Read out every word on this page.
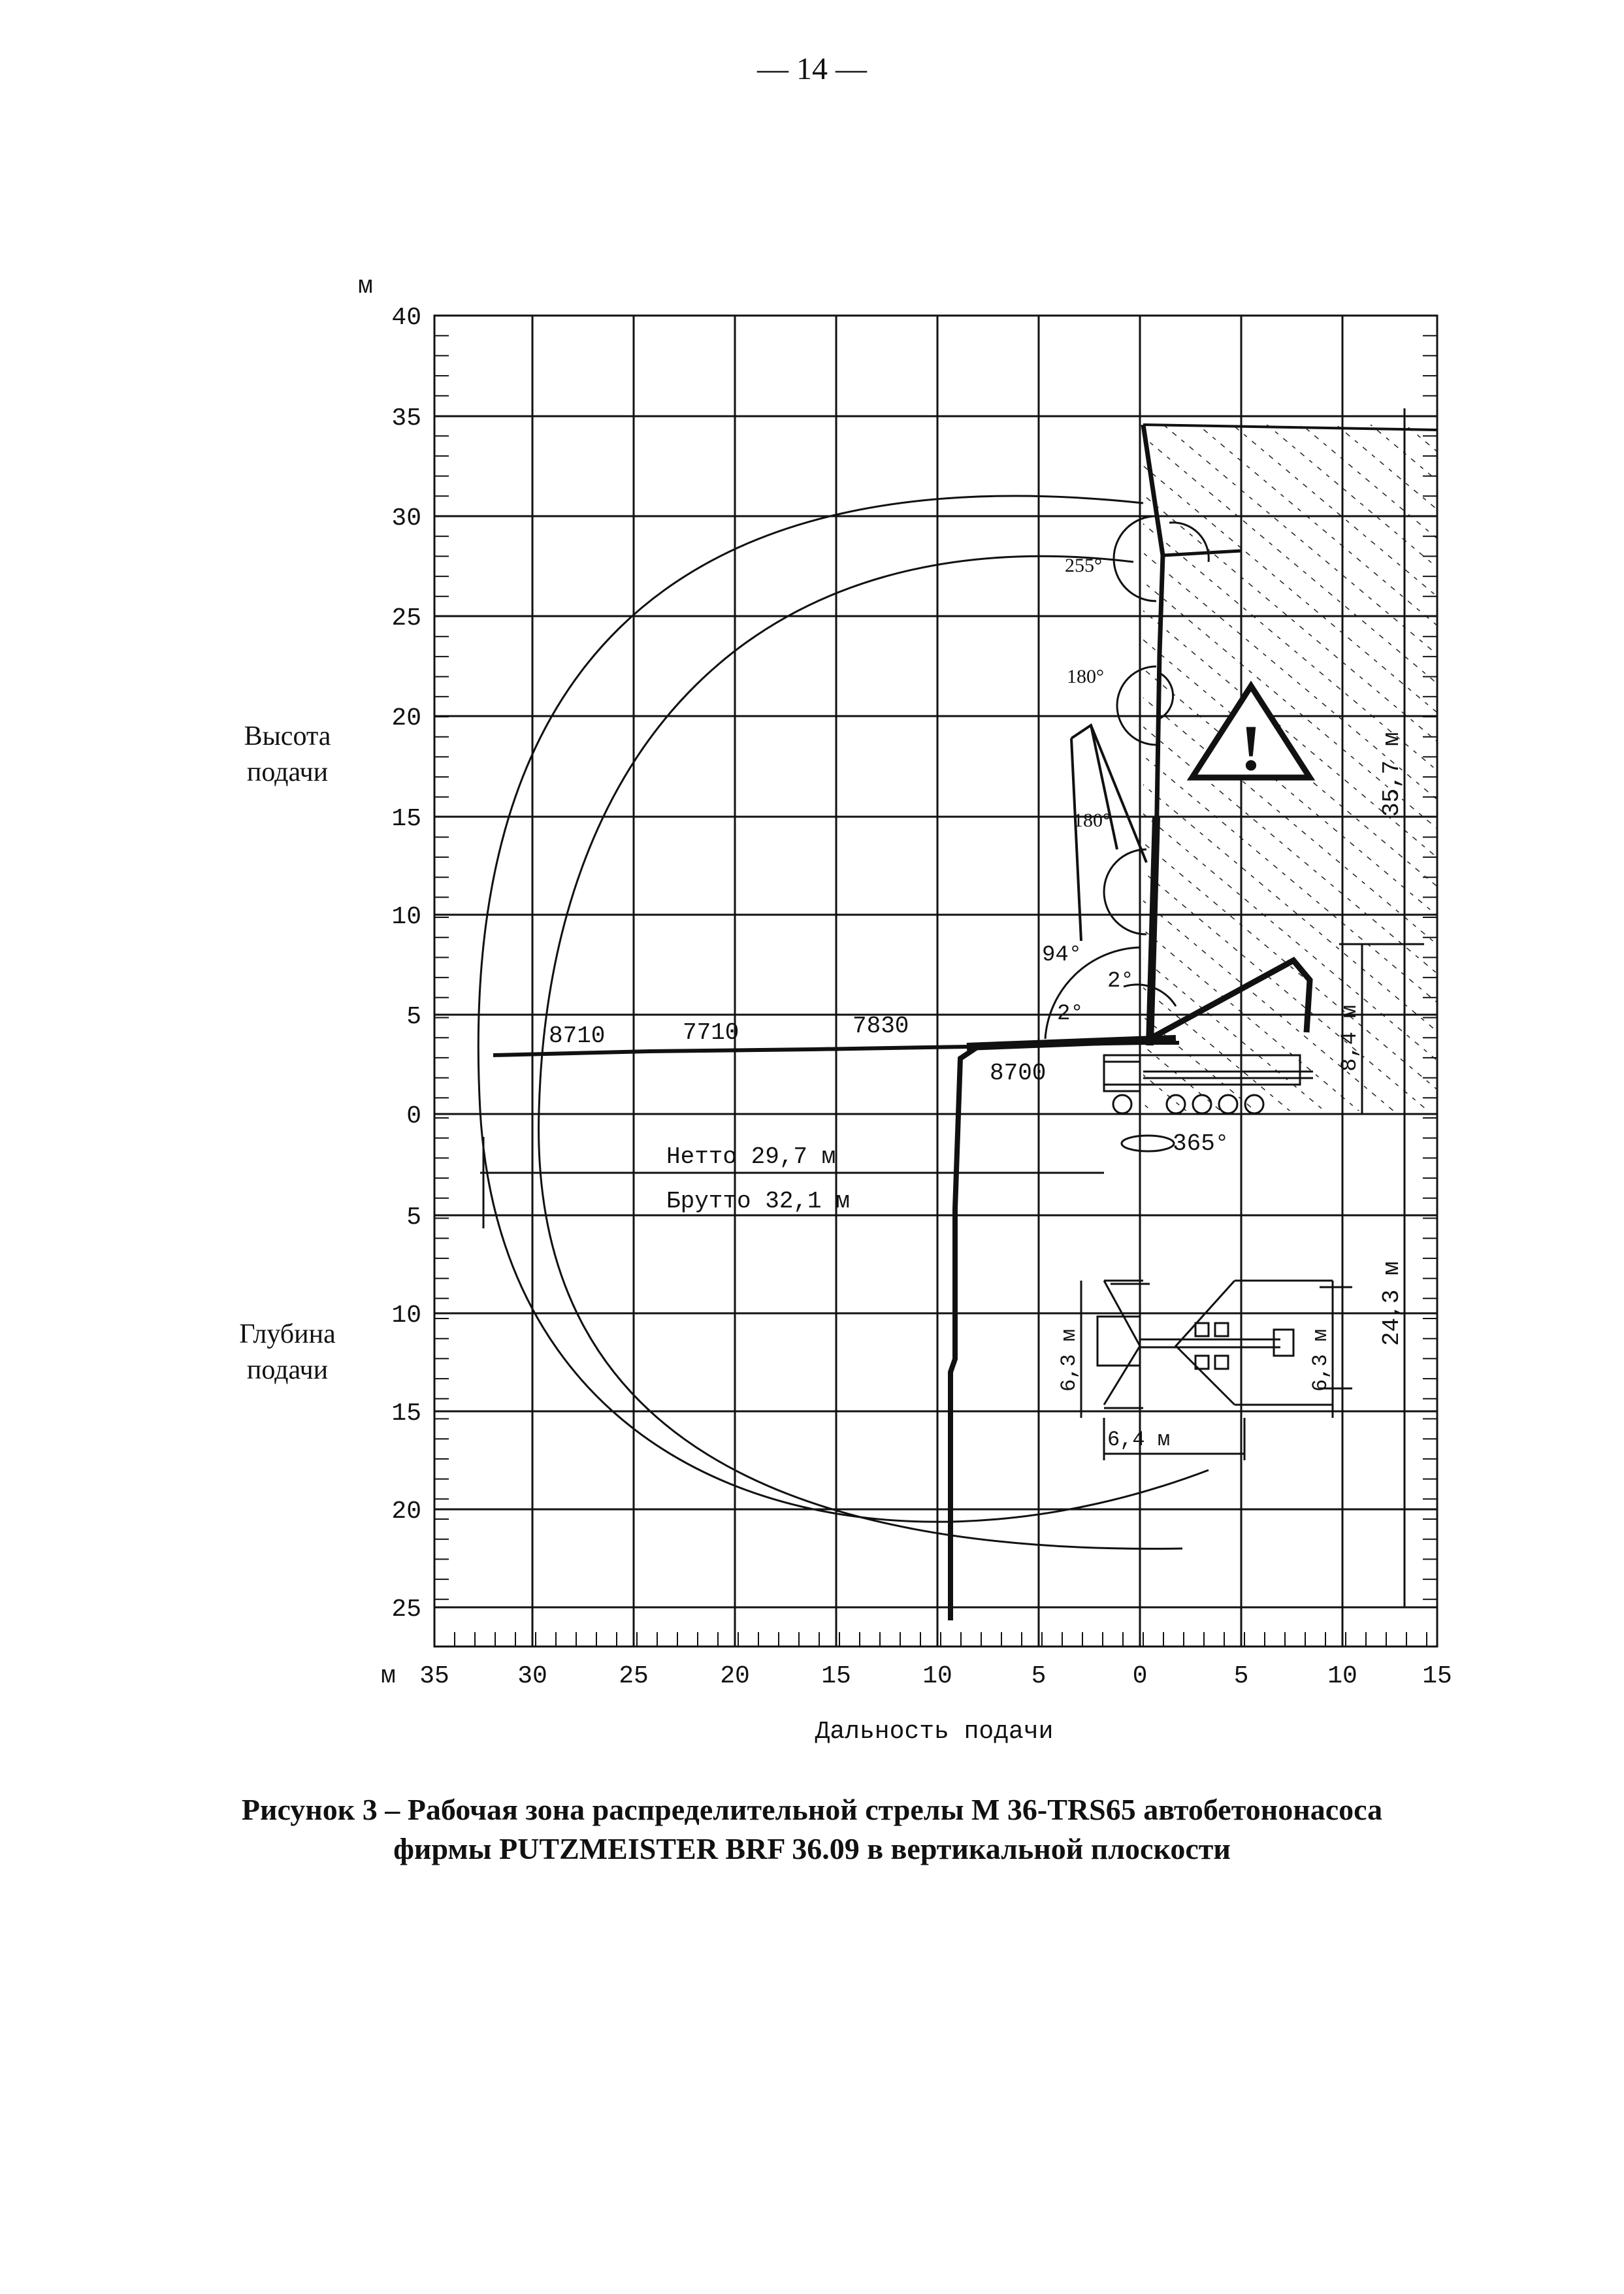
— 14 —
м
40
35
30
25
20
15
10
5
0
5
10
15
20
25
м 35	30	25	20	15	10	5	0	5	10	15
Высота
подачи
Глубина
подачи
Дальность подачи
8710	7710	7830
8700
255°
180°
180°
94°
2°
2°
365°
Нетто 29,7 м
Брутто 32,1 м
35,7 м
8,4 м
24,3 м
6,3 м	6,3 м
6,4 м
!
Рисунок 3 – Рабочая зона распределительной стрелы М 36-TRS65 автобетононасоса
фирмы PUTZMEISTER BRF 36.09 в вертикальной плоскости
